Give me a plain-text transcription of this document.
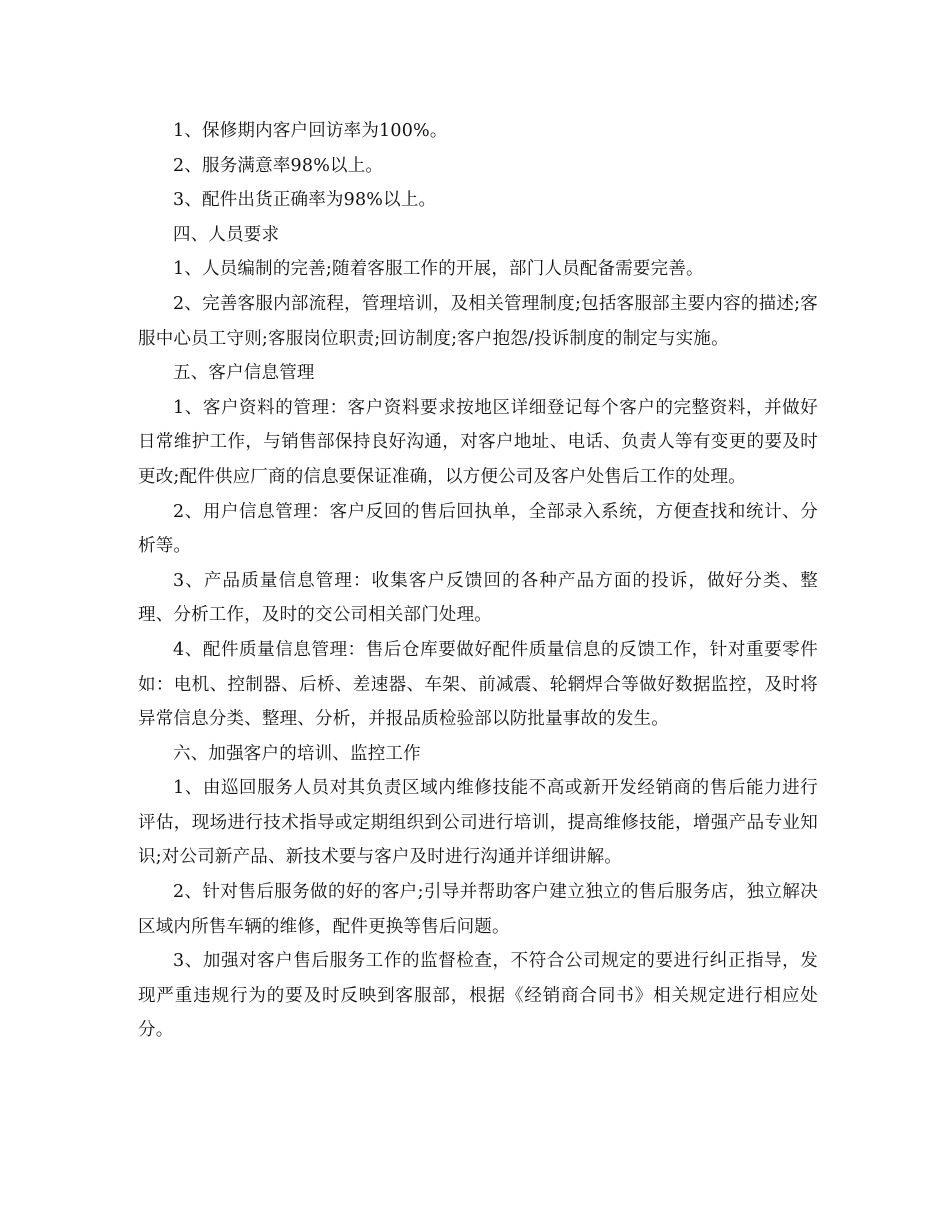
1、保修期内客户回访率为100%。

2、服务满意率98%以上。

3、配件出货正确率为98%以上。

四、人员要求

1、人员编制的完善;随着客服工作的开展，部门人员配备需要完善。

2、完善客服内部流程，管理培训，及相关管理制度;包括客服部主要内容的描述;客服中心员工守则;客服岗位职责;回访制度;客户抱怨/投诉制度的制定与实施。

五、客户信息管理

1、客户资料的管理：客户资料要求按地区详细登记每个客户的完整资料，并做好日常维护工作，与销售部保持良好沟通，对客户地址、电话、负责人等有变更的要及时更改;配件供应厂商的信息要保证准确，以方便公司及客户处售后工作的处理。

2、用户信息管理：客户反回的售后回执单，全部录入系统，方便查找和统计、分析等。

3、产品质量信息管理：收集客户反馈回的各种产品方面的投诉，做好分类、整理、分析工作，及时的交公司相关部门处理。

4、配件质量信息管理：售后仓库要做好配件质量信息的反馈工作，针对重要零件如：电机、控制器、后桥、差速器、车架、前减震、轮辋焊合等做好数据监控，及时将异常信息分类、整理、分析，并报品质检验部以防批量事故的发生。

六、加强客户的培训、监控工作

1、由巡回服务人员对其负责区域内维修技能不高或新开发经销商的售后能力进行评估，现场进行技术指导或定期组织到公司进行培训，提高维修技能，增强产品专业知识;对公司新产品、新技术要与客户及时进行沟通并详细讲解。

2、针对售后服务做的好的客户;引导并帮助客户建立独立的售后服务店，独立解决区域内所售车辆的维修，配件更换等售后问题。

3、加强对客户售后服务工作的监督检查，不符合公司规定的要进行纠正指导，发现严重违规行为的要及时反映到客服部，根据《经销商合同书》相关规定进行相应处分。
